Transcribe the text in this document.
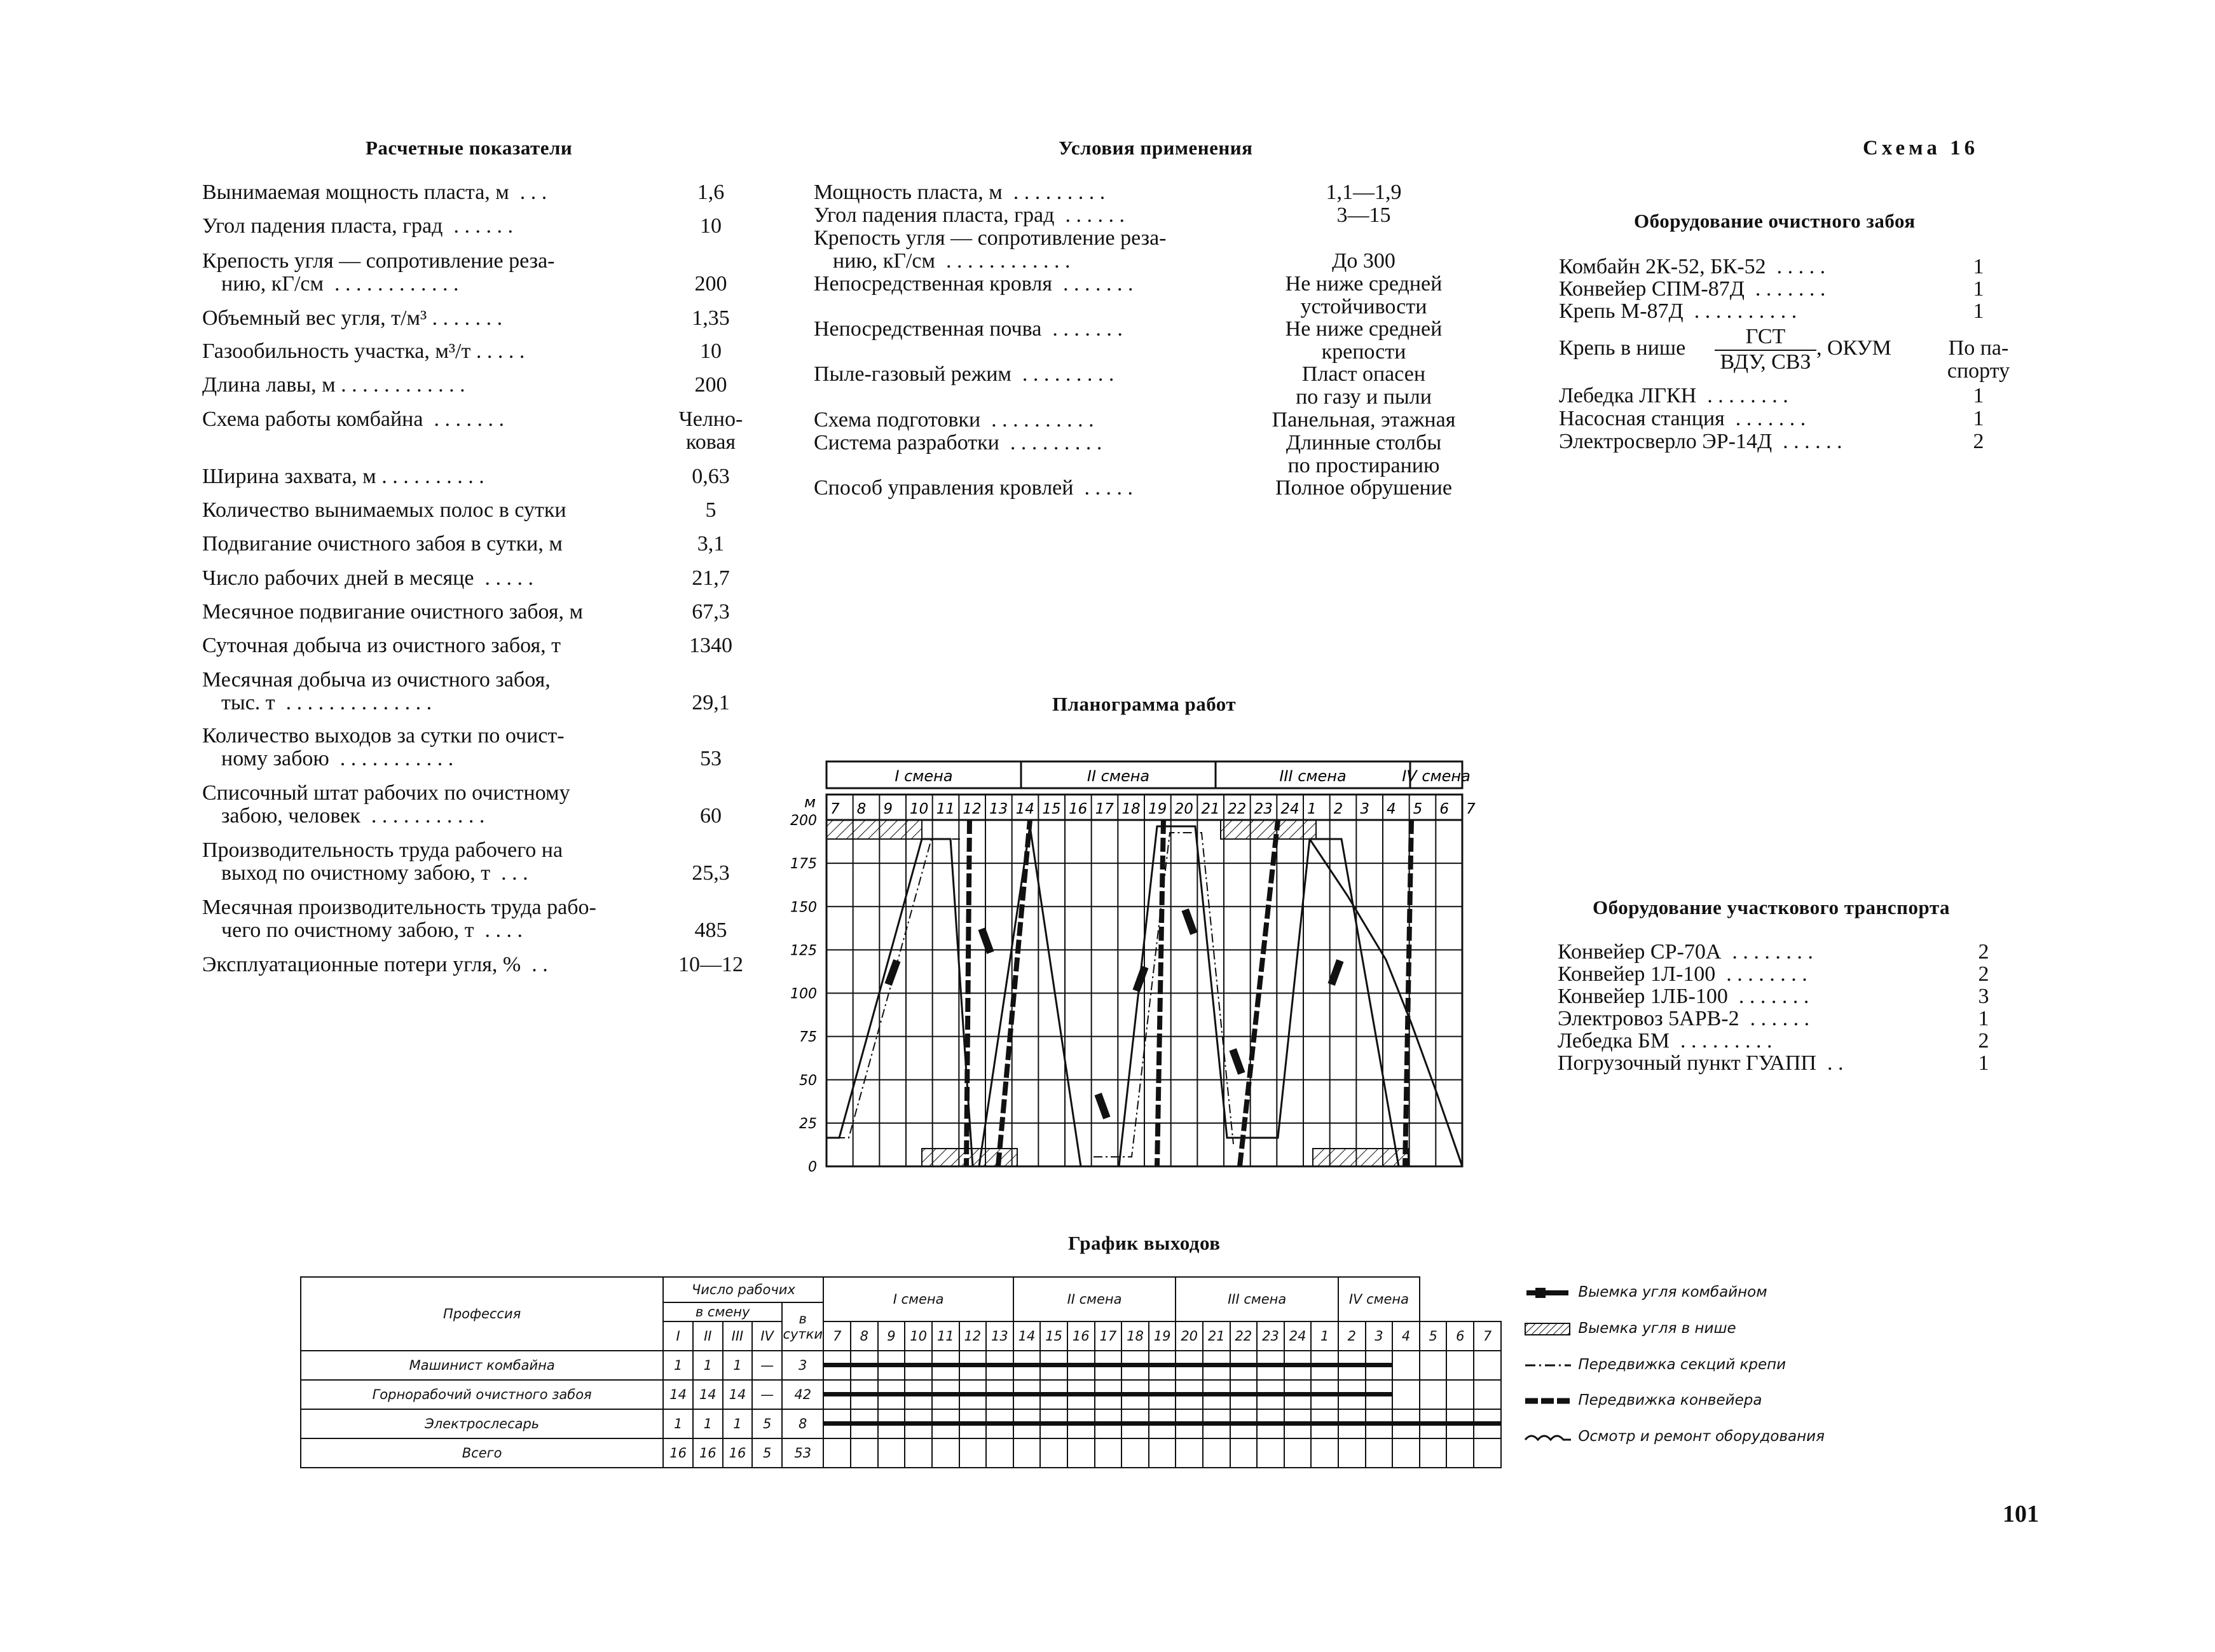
Расчетные показатели	Условия применения	Схема 16
Оборудование очистного забоя
Оборудование участкового транспорта
Планограмма работ
График выходов
101
Вынимаемая мощность пласта, м  . . .	1,6
Угол падения пласта, град  . . . . . .	10
Крепость угля — сопротивление реза-
нию, кГ/см  . . . . . . . . . . . .	200
Объемный вес угля, т/м³ . . . . . . .	1,35
Газообильность участка, м³/т . . . . .	10
Длина лавы, м . . . . . . . . . . . .	200
Схема работы комбайна  . . . . . . .	Челно-
ковая
Ширина захвата, м . . . . . . . . . .	0,63
Количество вынимаемых полос в сутки	5
Подвигание очистного забоя в сутки, м	3,1
Число рабочих дней в месяце  . . . . .	21,7
Месячное подвигание очистного забоя, м	67,3
Суточная добыча из очистного забоя, т	1340
Месячная добыча из очистного забоя,
тыс. т  . . . . . . . . . . . . . .	29,1
Количество выходов за сутки по очист-
ному забою  . . . . . . . . . . .	53
Списочный штат рабочих по очистному
забою, человек  . . . . . . . . . . .	60
Производительность труда рабочего на
выход по очистному забою, т  . . .	25,3
Месячная производительность труда рабо-
чего по очистному забою, т  . . . .	485
Эксплуатационные потери угля, %  . .	10—12
Мощность пласта, м  . . . . . . . . .	1,1—1,9
Угол падения пласта, град  . . . . . .	3—15
Крепость угля — сопротивление реза-
нию, кГ/см  . . . . . . . . . . . .	До 300
Непосредственная кровля  . . . . . . .	Не ниже средней
устойчивости
Непосредственная почва  . . . . . . .	Не ниже средней
крепости
Пыле-газовый режим  . . . . . . . . .	Пласт опасен
по газу и пыли
Схема подготовки  . . . . . . . . . .	Панельная, этажная
Система разработки  . . . . . . . . .	Длинные столбы
по простиранию
Способ управления кровлей  . . . . .	Полное обрушение
Комбайн 2К-52, БК-52  . . . . .	1
Конвейер СПМ-87Д  . . . . . . .	1
Крепь М-87Д  . . . . . . . . . .	1
Крепь в нише	ГСТ
ВДУ, СВЗ
, ОКУМ	По па-
спорту
Лебедка ЛГКН  . . . . . . . .	1
Насосная станция  . . . . . . .	1
Электросверло ЭР-14Д  . . . . . .	2
Конвейер СР-70А  . . . . . . . .	2
Конвейер 1Л-100  . . . . . . . .	2
Конвейер 1ЛБ-100  . . . . . . .	3
Электровоз 5АРВ-2  . . . . . .	1
Лебедка БМ  . . . . . . . . .	2
Погрузочный пункт ГУАПП  . .	1
I смена	II смена	III смена	IV смена
7 8 9 10 11 12 13 14 15 16 17 18 19 20 21 22 23 24 1 2 3 4 5 6 7
м
200
175
150
125
100
75
50
25
0
Профессия	Число рабочих					I смена							II смена						III смена						IV смена					
	в смену				в сутки																									
	I	II	III	IV		7	8	9	10	11	12	13	14	15	16	17	18	19	20	21	22	23	24	1	2	3	4	5	6	7
Машинист комбайна	1	1	1	—	3	

Горнорабочий очистного забоя	14	14	14	—	42	

Электрослесарь	1	1	1	5	8	

Всего	16	16	16	5	53																									
Выемка угля комбайном
Выемка угля в нише
Передвижка секций крепи
Передвижка конвейера
Осмотр и ремонт оборудования
